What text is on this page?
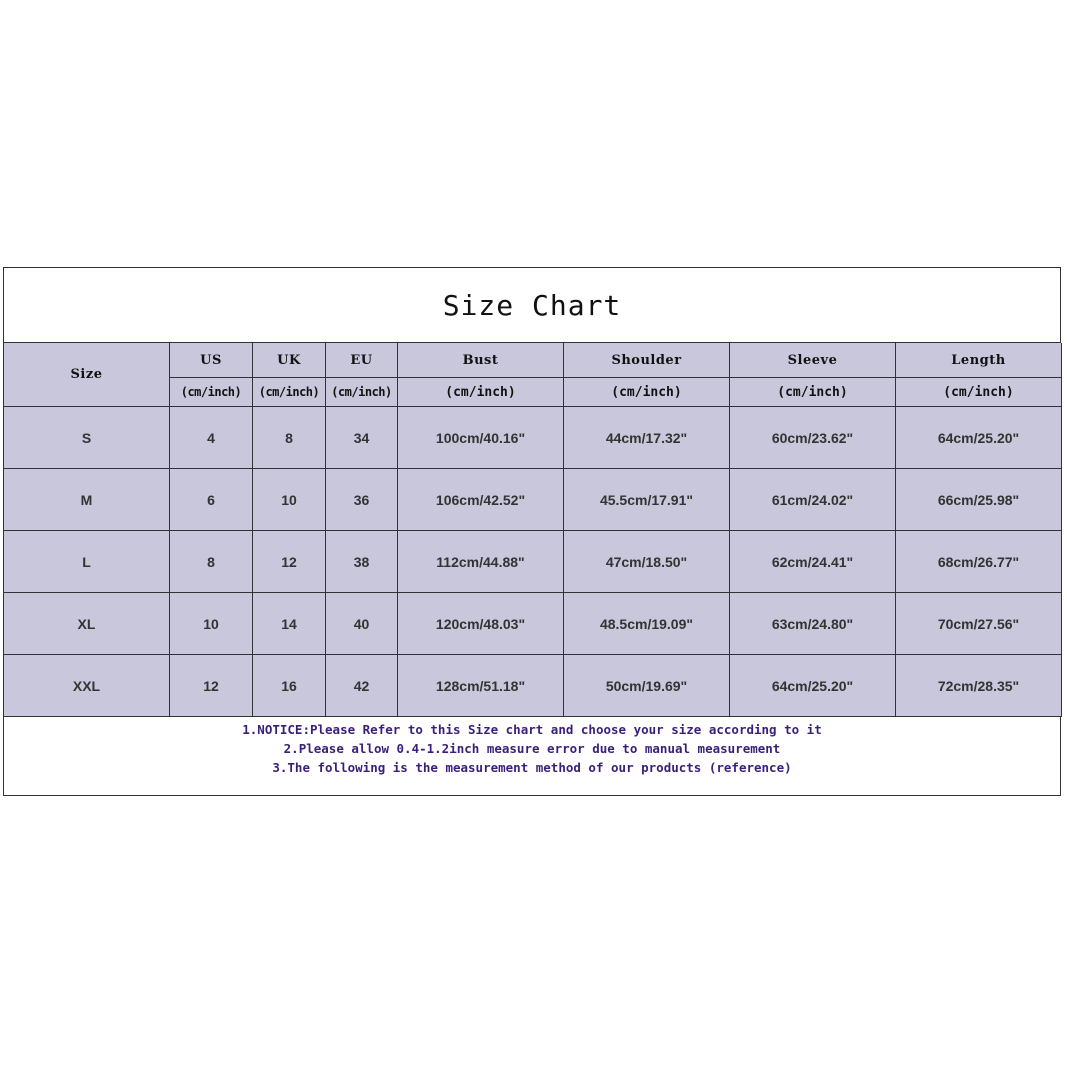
Size Chart
Size	US	UK	EU	Bust	Shoulder	Sleeve	Length
	(cm/inch)	(cm/inch)	(cm/inch)	(cm/inch)	(cm/inch)	(cm/inch)	(cm/inch)
S	4	8	34	100cm/40.16"	44cm/17.32"	60cm/23.62"	64cm/25.20"
M	6	10	36	106cm/42.52"	45.5cm/17.91"	61cm/24.02"	66cm/25.98"
L	8	12	38	112cm/44.88"	47cm/18.50"	62cm/24.41"	68cm/26.77"
XL	10	14	40	120cm/48.03"	48.5cm/19.09"	63cm/24.80"	70cm/27.56"
XXL	12	16	42	128cm/51.18"	50cm/19.69"	64cm/25.20"	72cm/28.35"
1.NOTICE:Please Refer to this Size chart and choose your size according to it
2.Please allow 0.4-1.2inch measure error due to manual measurement
3.The following is the measurement method of our products (reference)
